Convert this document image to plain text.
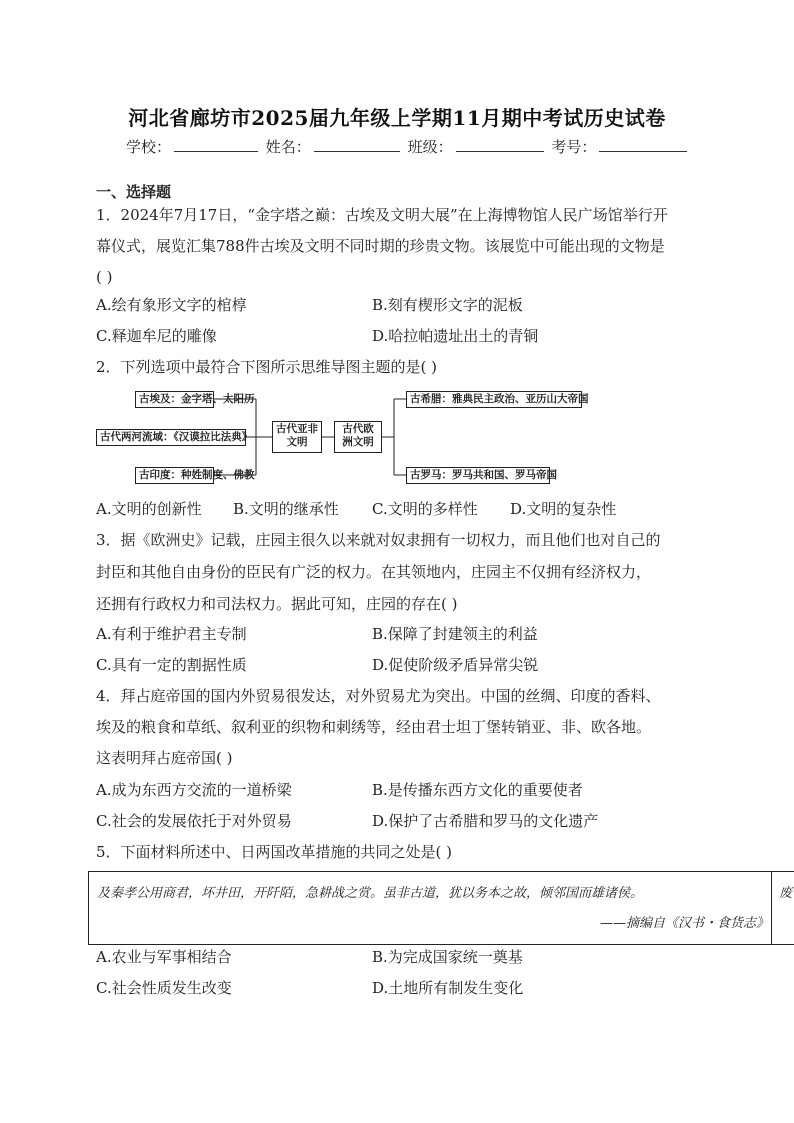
河北省廊坊市2025届九年级上学期11月期中考试历史试卷
学校：	姓名：	班级：	考号：
一、选择题
1．2024年7月17日，“金字塔之巅：古埃及文明大展”在上海博物馆人民广场馆举行开
幕仪式，展览汇集788件古埃及文明不同时期的珍贵文物。该展览中可能出现的文物是
( )
A.绘有象形文字的棺椁	B.刻有楔形文字的泥板
C.释迦牟尼的雕像	D.哈拉帕遗址出土的青铜
2．下列选项中最符合下图所示思维导图主题的是( )
古埃及：金字塔、太阳历
古代两河流域：《汉谟拉比法典》
古印度：种姓制度、佛教
古代亚非文明
古代欧洲文明
古希腊：雅典民主政治、亚历山大帝国
古罗马：罗马共和国、罗马帝国
A.文明的创新性 B.文明的继承性 C.文明的多样性 D.文明的复杂性
3．据《欧洲史》记载，庄园主很久以来就对奴隶拥有一切权力，而且他们也对自己的
封臣和其他自由身份的臣民有广泛的权力。在其领地内，庄园主不仅拥有经济权力，
还拥有行政权力和司法权力。据此可知，庄园的存在( )
A.有利于维护君主专制	B.保障了封建领主的利益
C.具有一定的割据性质	D.促使阶级矛盾异常尖锐
4．拜占庭帝国的国内外贸易很发达，对外贸易尤为突出。中国的丝绸、印度的香料、
埃及的粮食和草纸、叙利亚的织物和刺绣等，经由君士坦丁堡转销亚、非、欧各地。
这表明拜占庭帝国( )
A.成为东西方交流的一道桥梁	B.是传播东西方文化的重要使者
C.社会的发展依托于对外贸易	D.保护了古希腊和罗马的文化遗产
5．下面材料所述中、日两国改革措施的共同之处是( )
及秦孝公用商君，坏井田，开阡陌，急耕战之赏。虽非古道，犹以务本之故，倾邻国而雄诸侯。
——摘编自《汉书・食货志》
废
A.农业与军事相结合	B.为完成国家统一奠基
C.社会性质发生改变	D.土地所有制发生变化
